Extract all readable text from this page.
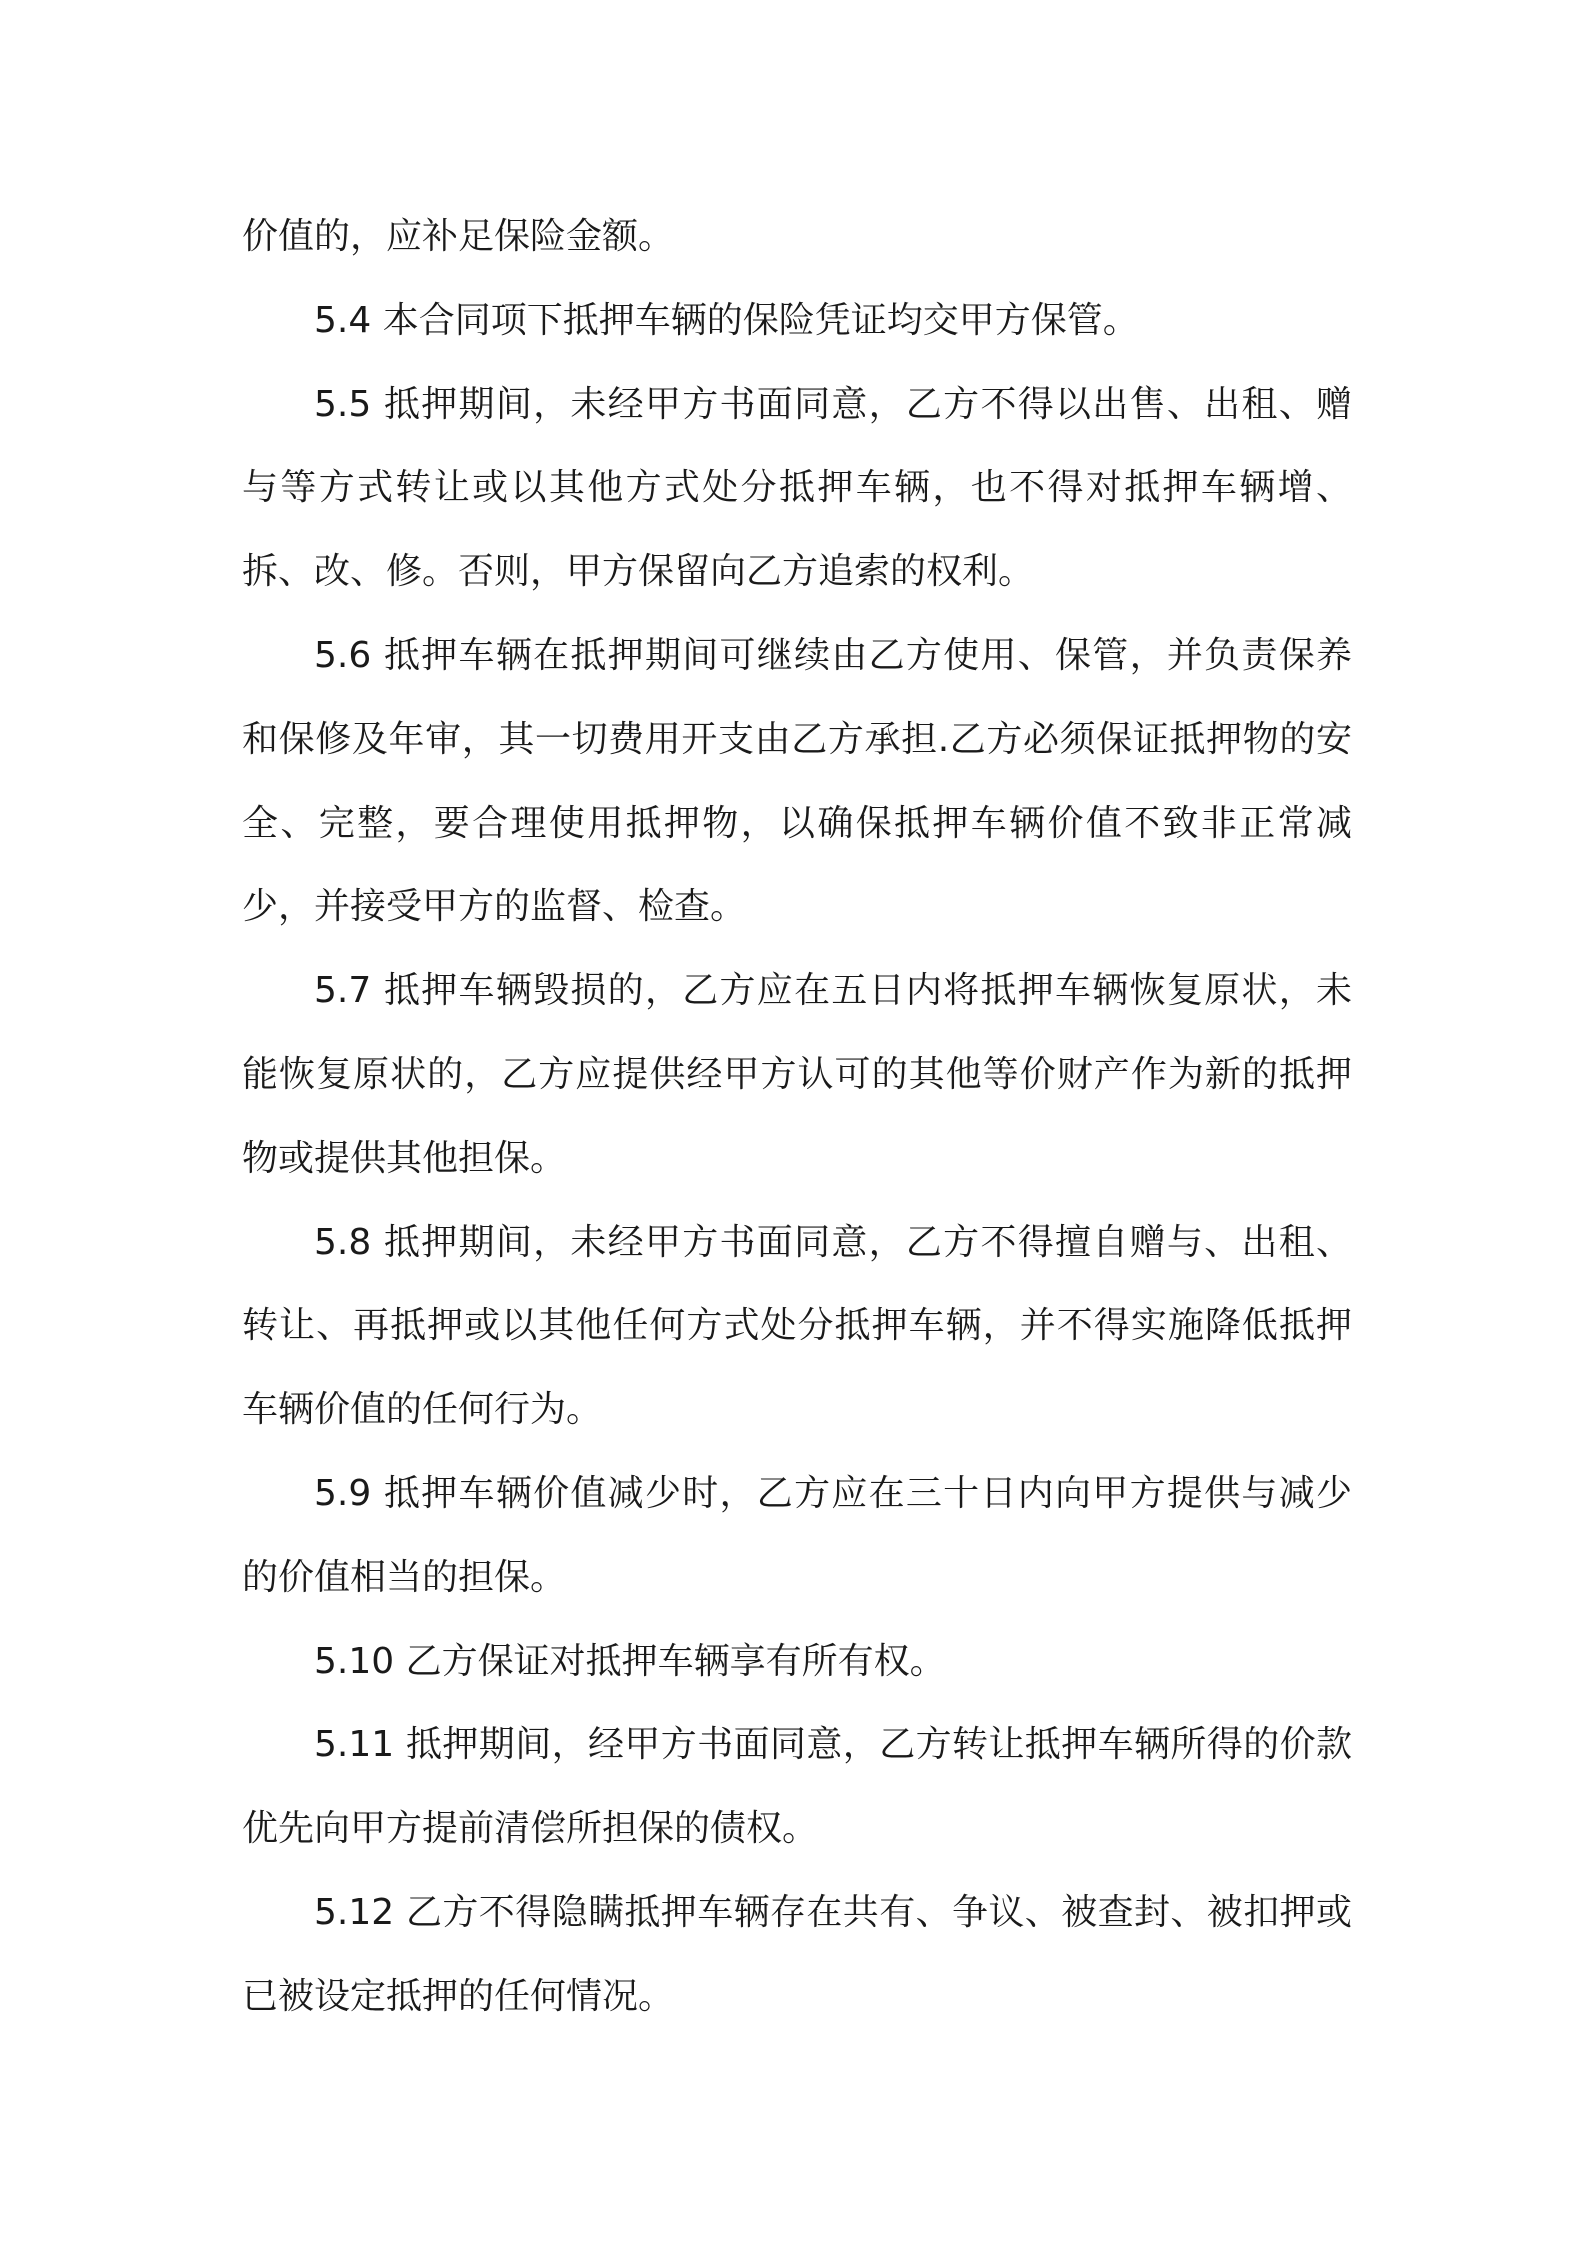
价值的，应补足保险金额。

5.4 本合同项下抵押车辆的保险凭证均交甲方保管。

5.5 抵押期间，未经甲方书面同意，乙方不得以出售、出租、赠与等方式转让或以其他方式处分抵押车辆，也不得对抵押车辆增、拆、改、修。否则，甲方保留向乙方追索的权利。

5.6 抵押车辆在抵押期间可继续由乙方使用、保管，并负责保养和保修及年审，其一切费用开支由乙方承担.乙方必须保证抵押物的安全、完整，要合理使用抵押物，以确保抵押车辆价值不致非正常减少，并接受甲方的监督、检查。

5.7 抵押车辆毁损的，乙方应在五日内将抵押车辆恢复原状，未能恢复原状的，乙方应提供经甲方认可的其他等价财产作为新的抵押物或提供其他担保。

5.8 抵押期间，未经甲方书面同意，乙方不得擅自赠与、出租、转让、再抵押或以其他任何方式处分抵押车辆，并不得实施降低抵押车辆价值的任何行为。

5.9 抵押车辆价值减少时，乙方应在三十日内向甲方提供与减少的价值相当的担保。

5.10 乙方保证对抵押车辆享有所有权。

5.11 抵押期间，经甲方书面同意，乙方转让抵押车辆所得的价款优先向甲方提前清偿所担保的债权。

5.12 乙方不得隐瞒抵押车辆存在共有、争议、被查封、被扣押或已被设定抵押的任何情况。
